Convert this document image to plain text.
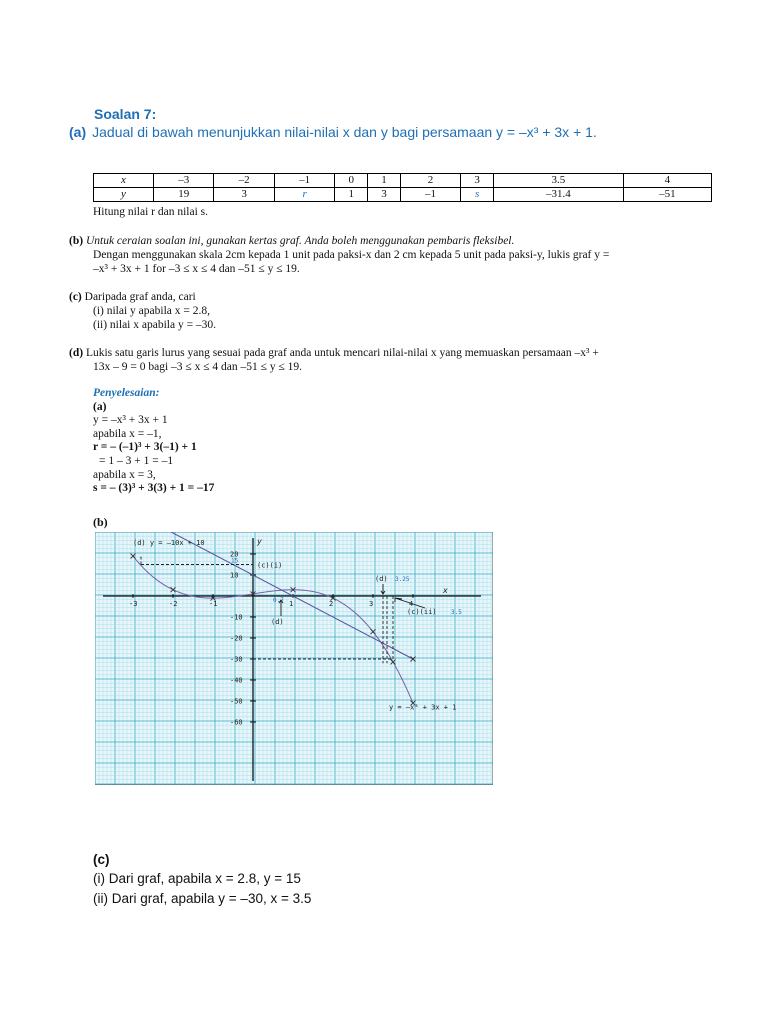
Soalan 7:
(a) Jadual di bawah menunjukkan nilai-nilai x dan y bagi persamaan y = –x³ + 3x + 1.
x	–3	–2	–1	0	1	2	3	3.5	4
y	19	3	r	1	3	–1	s	–31.4	–51
Hitung nilai r dan nilai s.
(b) Untuk ceraian soalan ini, gunakan kertas graf. Anda boleh menggunakan pembaris fleksibel.
Dengan menggunakan skala 2cm kepada 1 unit pada paksi-x dan 2 cm kepada 5 unit pada paksi-y, lukis graf y =
–x³ + 3x + 1 for –3 ≤ x ≤ 4 dan –51 ≤ y ≤ 19.
(c) Daripada graf anda, cari
(i) nilai y apabila x = 2.8,
(ii) nilai x apabila y = –30.
(d) Lukis satu garis lurus yang sesuai pada graf anda untuk mencari nilai-nilai x yang memuaskan persamaan –x³ +
13x – 9 = 0 bagi –3 ≤ x ≤ 4 dan –51 ≤ y ≤ 19.
Penyelesaian:
(a)
y = –x³ + 3x + 1
apabila x = –1,
r = – (–1)³ + 3(–1) + 1
= 1 – 3 + 1 = –1
apabila x = 3,
s = – (3)³ + 3(3) + 1 = –17
(b)
x
y
-3	-2	-1	1	2	3	4
20
10
-10
-20
-30
-40
-50
-60
(c)(i)
15
(d) 3.25
0.7
(d)
(c)(ii) 3.5
(d) y = –10x + 10
y = –x³ + 3x + 1
(c)
(i) Dari graf, apabila x = 2.8, y = 15
(ii) Dari graf, apabila y = –30, x = 3.5
